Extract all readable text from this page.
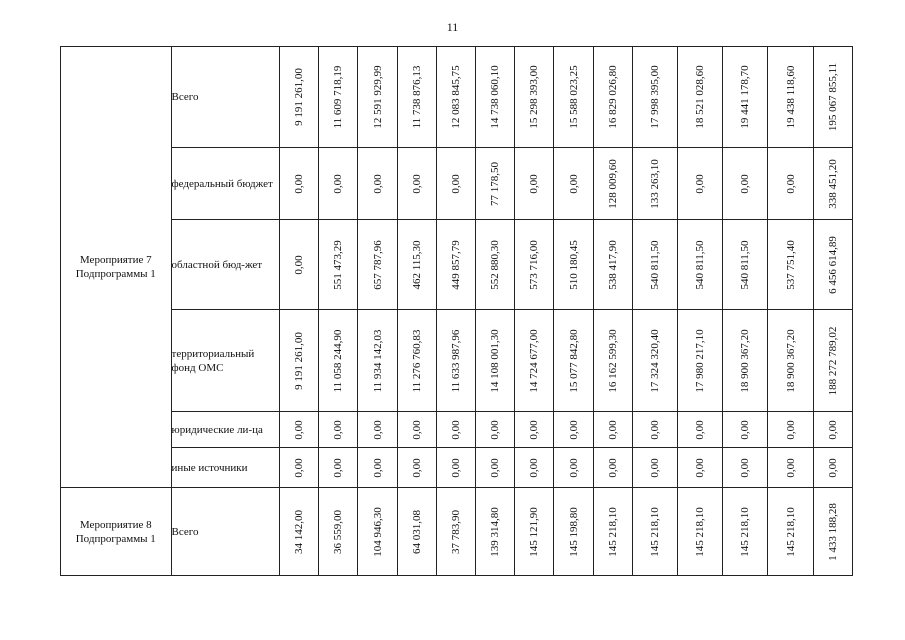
11
Мероприятие 7 Подпрограммы 1	Всего	9 191 261,00	11 609 718,19	12 591 929,99	11 738 876,13	12 083 845,75	14 738 060,10	15 298 393,00	15 588 023,25	16 829 026,80	17 998 395,00	18 521 028,60	19 441 178,70	19 438 118,60	195 067 855,11

	федеральный бюджет	0,00	0,00	0,00	0,00	0,00	77 178,50	0,00	0,00	128 009,60	133 263,10	0,00	0,00	0,00	338 451,20

	областной бюд-жет	0,00	551 473,29	657 787,96	462 115,30	449 857,79	552 880,30	573 716,00	510 180,45	538 417,90	540 811,50	540 811,50	540 811,50	537 751,40	6 456 614,89

	территориальный фонд ОМС	9 191 261,00	11 058 244,90	11 934 142,03	11 276 760,83	11 633 987,96	14 108 001,30	14 724 677,00	15 077 842,80	16 162 599,30	17 324 320,40	17 980 217,10	18 900 367,20	18 900 367,20	188 272 789,02

	юридические ли-ца	0,00	0,00	0,00	0,00	0,00	0,00	0,00	0,00	0,00	0,00	0,00	0,00	0,00	0,00

	иные источники	0,00	0,00	0,00	0,00	0,00	0,00	0,00	0,00	0,00	0,00	0,00	0,00	0,00	0,00

Мероприятие 8 Подпрограммы 1	Всего	34 142,00	36 559,00	104 946,30	64 031,08	37 783,90	139 314,80	145 121,90	145 198,80	145 218,10	145 218,10	145 218,10	145 218,10	145 218,10	1 433 188,28
